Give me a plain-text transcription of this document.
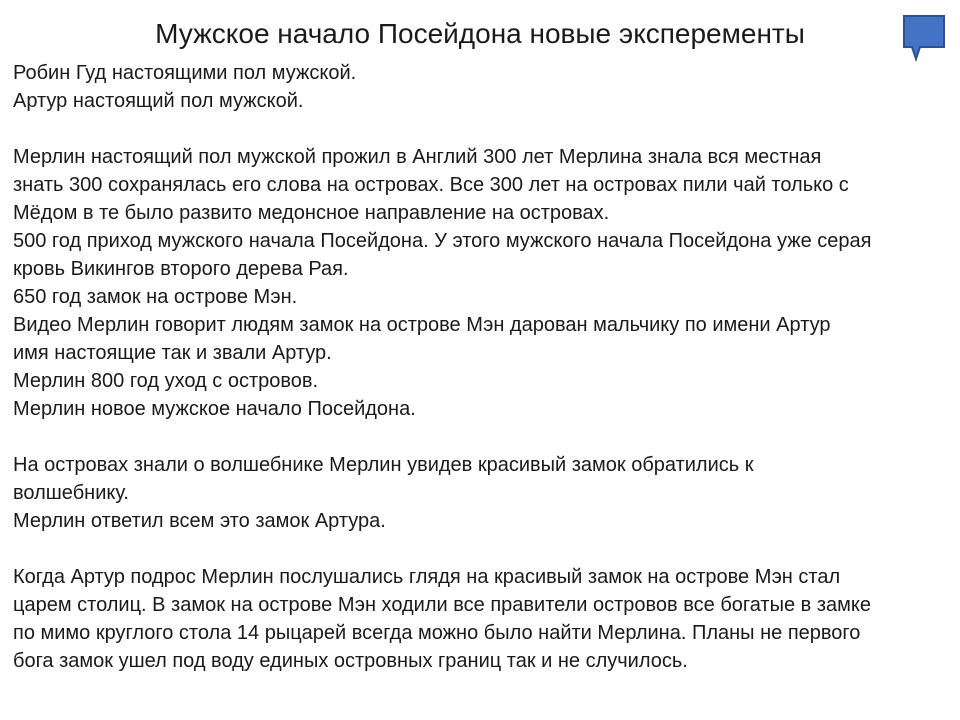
Мужское начало Посейдона новые эксперементы
Робин Гуд настоящими пол мужской.
Артур настоящий пол мужской.
Мерлин настоящий пол мужской прожил в Англий 300 лет Мерлина знала вся местная
знать 300 сохранялась его слова на островах. Все 300 лет на островах пили чай только с
Мёдом в те было развито медонсное направление на островах.
500 год приход мужского начала Посейдона. У этого мужского начала Посейдона уже серая
кровь Викингов второго дерева Рая.
650 год замок на острове Мэн.
Видео Мерлин говорит людям замок на острове Мэн дарован мальчику по имени Артур
имя настоящие так и звали Артур.
Мерлин 800 год уход с островов.
Мерлин новое мужское начало Посейдона.
На островах знали о волшебнике Мерлин увидев красивый замок обратились к
волшебнику.
Мерлин ответил всем это замок Артура.
Когда Артур подрос Мерлин послушались глядя на красивый замок на острове Мэн стал
царем столиц. В замок на острове Мэн ходили все правители островов все богатые в замке
по мимо круглого стола 14 рыцарей всегда можно было найти Мерлина. Планы не первого
бога замок ушел под воду единых островных границ так и не случилось.
